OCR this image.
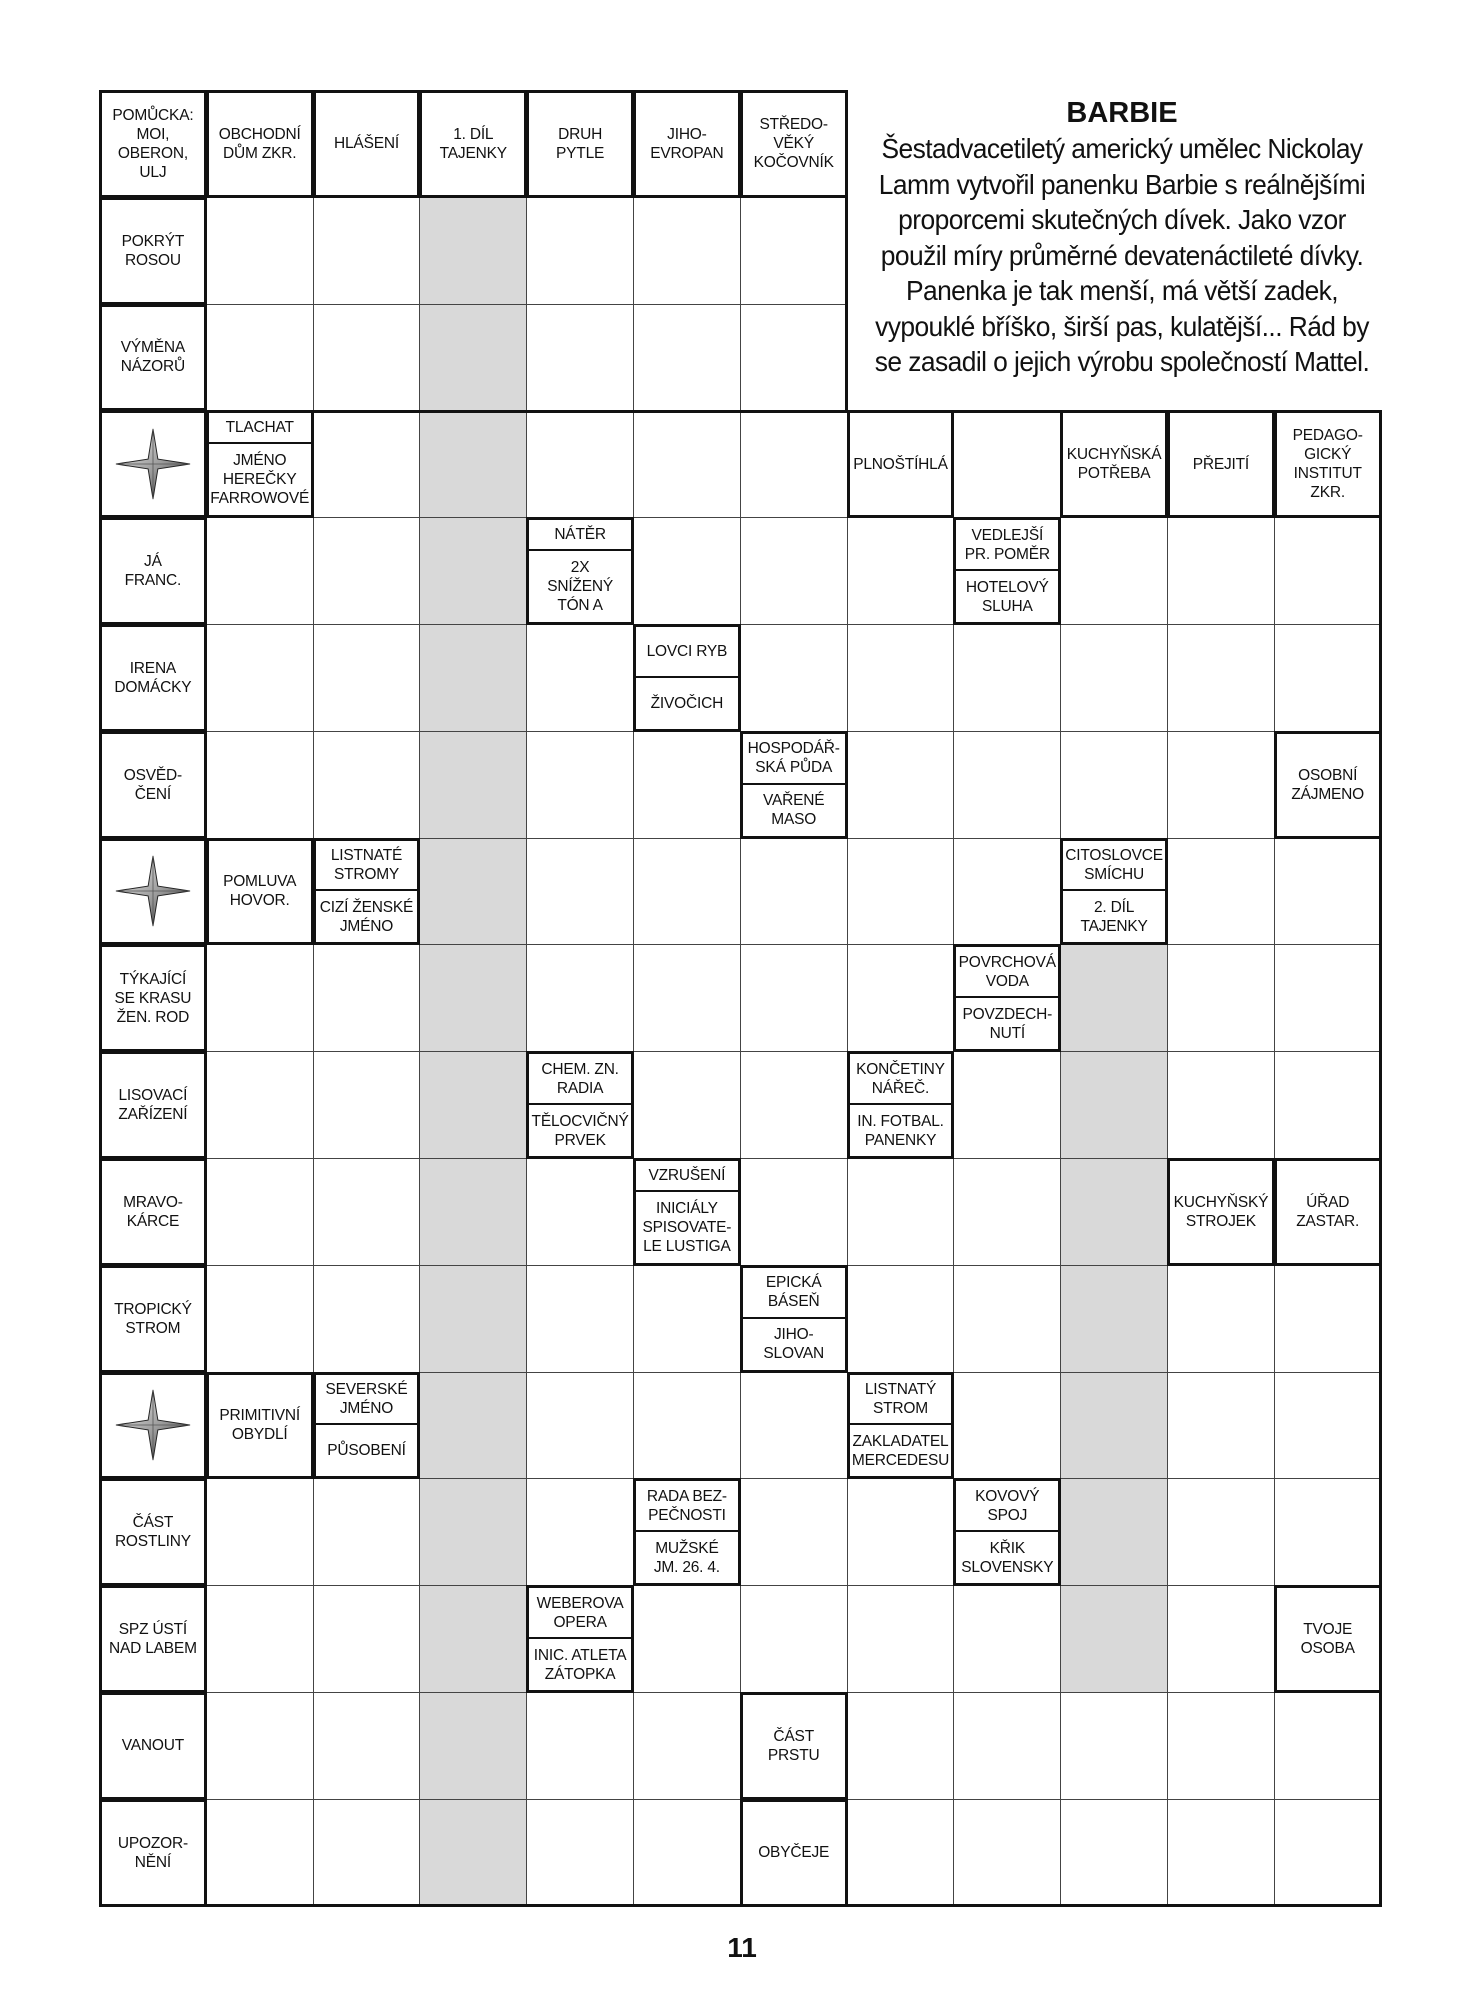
POMŮCKA:
MOI,
OBERON,
ULJ
OBCHODNÍ
DŮM ZKR.
HLÁŠENÍ
1. DÍL
TAJENKY
DRUH
PYTLE
JIHO-
EVROPAN
STŘEDO-
VĚKÝ
KOČOVNÍK
POKRÝT
ROSOU
VÝMĚNA
NÁZORŮ
TLACHAT
JMÉNO
HEREČKY
FARROWOVÉ
PLNOŠTÍHLÁ
KUCHYŇSKÁ
POTŘEBA
PŘEJITÍ
PEDAGO-
GICKÝ
INSTITUT
ZKR.
JÁ
FRANC.
NÁTĚR
2X
SNÍŽENÝ
TÓN A
VEDLEJŠÍ
PR. POMĚR
HOTELOVÝ
SLUHA
IRENA
DOMÁCKY
LOVCI RYB
ŽIVOČICH
OSVĚD-
ČENÍ
HOSPODÁŘ-
SKÁ PŮDA
VAŘENÉ
MASO
OSOBNÍ
ZÁJMENO
POMLUVA
HOVOR.
LISTNATÉ
STROMY
CIZÍ ŽENSKÉ
JMÉNO
CITOSLOVCE
SMÍCHU
2. DÍL
TAJENKY
TÝKAJÍCÍ
SE KRASU
ŽEN. ROD
POVRCHOVÁ
VODA
POVZDECH-
NUTÍ
LISOVACÍ
ZAŘÍZENÍ
CHEM. ZN.
RADIA
TĚLOCVIČNÝ
PRVEK
KONČETINY
NÁŘEČ.
IN. FOTBAL.
PANENKY
MRAVO-
KÁRCE
VZRUŠENÍ
INICIÁLY
SPISOVATE-
LE LUSTIGA
KUCHYŇSKÝ
STROJEK
ÚŘAD
ZASTAR.
TROPICKÝ
STROM
EPICKÁ
BÁSEŇ
JIHO-
SLOVAN
PRIMITIVNÍ
OBYDLÍ
SEVERSKÉ
JMÉNO
PŮSOBENÍ
LISTNATÝ
STROM
ZAKLADATEL
MERCEDESU
ČÁST
ROSTLINY
RADA BEZ-
PEČNOSTI
MUŽSKÉ
JM. 26. 4.
KOVOVÝ
SPOJ
KŘIK
SLOVENSKY
SPZ ÚSTÍ
NAD LABEM
WEBEROVA
OPERA
INIC. ATLETA
ZÁTOPKA
TVOJE
OSOBA
VANOUT
ČÁST
PRSTU
UPOZOR-
NĚNÍ
OBYČEJE

BARBIE

Šestadvacetiletý americký umělec Nickolay Lamm vytvořil panenku Barbie s reálnějšími proporcemi skutečných dívek. Jako vzor použil míry průměrné devatenáctileté dívky. Panenka je tak menší, má větší zadek, vypouklé bříško, širší pas, kulatější... Rád by se zasadil o jejich výrobu společností Mattel.

11
